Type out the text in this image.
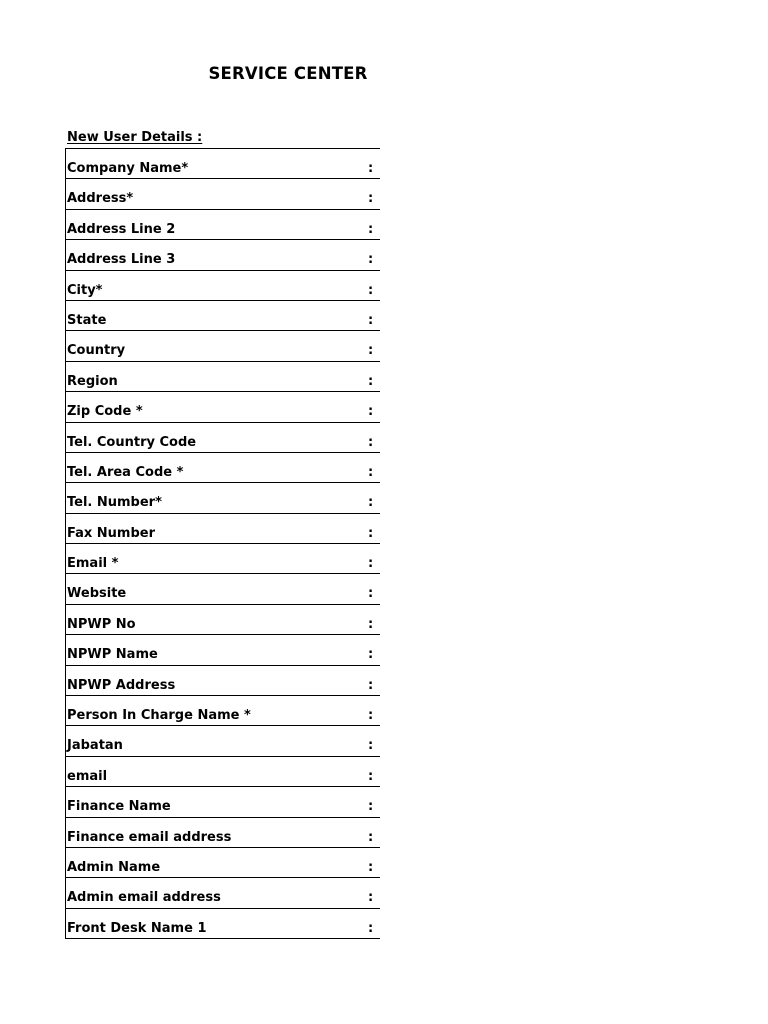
SERVICE CENTER
New User Details :
Company Name*	:
Address*	:
Address Line 2	:
Address Line 3	:
City*	:
State	:
Country	:
Region	:
Zip Code *	:
Tel. Country Code	:
Tel. Area Code *	:
Tel. Number*	:
Fax Number	:
Email *	:
Website	:
NPWP No	:
NPWP Name	:
NPWP Address	:
Person In Charge Name *	:
Jabatan	:
email	:
Finance Name	:
Finance email address	:
Admin Name	:
Admin email address	:
Front Desk Name 1	:
